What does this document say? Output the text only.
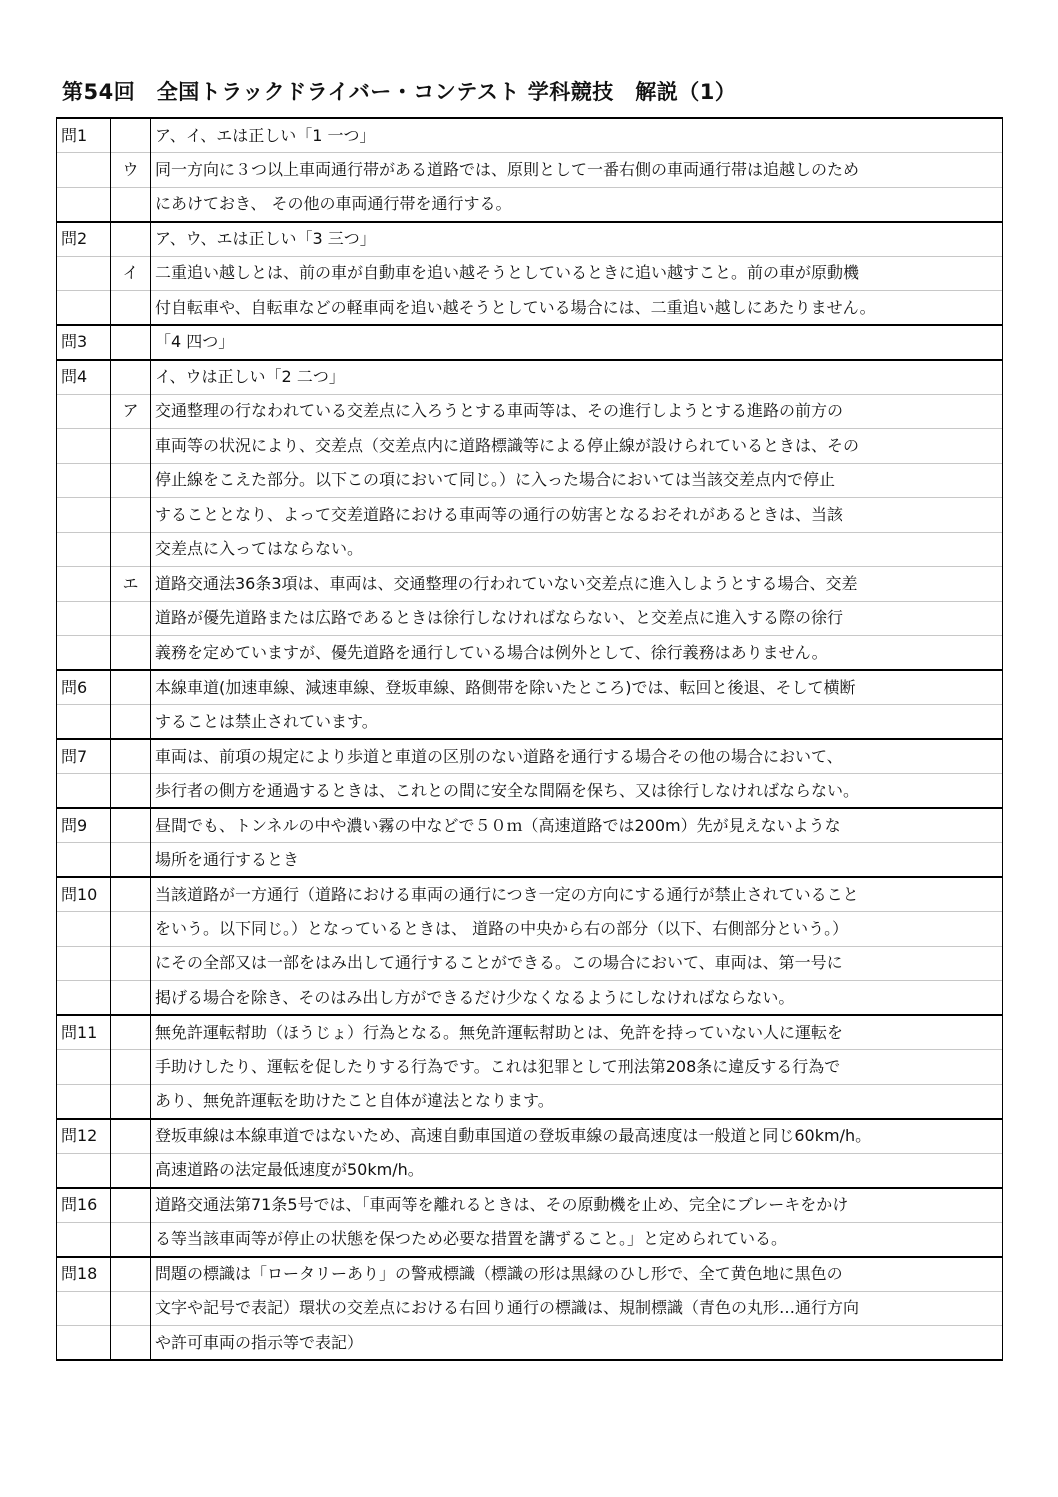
第54回　全国トラックドライバー・コンテスト 学科競技　解説（1）
問1		ア、イ、エは正しい「1 一つ」
	ウ	同一方向に３つ以上車両通行帯がある道路では、原則として一番右側の車両通行帯は追越しのため
		にあけておき、 その他の車両通行帯を通行する。
問2		ア、ウ、エは正しい「3 三つ」
	イ	二重追い越しとは、前の車が自動車を追い越そうとしているときに追い越すこと。前の車が原動機
		付自転車や、自転車などの軽車両を追い越そうとしている場合には、二重追い越しにあたりません。
問3		「4 四つ」
問4		イ、ウは正しい「2 二つ」
	ア	交通整理の行なわれている交差点に入ろうとする車両等は、その進行しようとする進路の前方の
		車両等の状況により、交差点（交差点内に道路標識等による停止線が設けられているときは、その
		停止線をこえた部分。以下この項において同じ。）に入った場合においては当該交差点内で停止
		することとなり、よって交差道路における車両等の通行の妨害となるおそれがあるときは、当該
		交差点に入ってはならない。
	エ	道路交通法36条3項は、車両は、交通整理の行われていない交差点に進入しようとする場合、交差
		道路が優先道路または広路であるときは徐行しなければならない、と交差点に進入する際の徐行
		義務を定めていますが、優先道路を通行している場合は例外として、徐行義務はありません。
問6		本線車道(加速車線、減速車線、登坂車線、路側帯を除いたところ)では、転回と後退、そして横断
		することは禁止されています。
問7		車両は、前項の規定により歩道と車道の区別のない道路を通行する場合その他の場合において、
		歩行者の側方を通過するときは、これとの間に安全な間隔を保ち、又は徐行しなければならない。
問9		昼間でも、トンネルの中や濃い霧の中などで５０ｍ（高速道路では200m）先が見えないような
		場所を通行するとき
問10		当該道路が一方通行（道路における車両の通行につき一定の方向にする通行が禁止されていること
		をいう。以下同じ。）となっているときは、 道路の中央から右の部分（以下、右側部分という。）
		にその全部又は一部をはみ出して通行することができる。この場合において、車両は、第一号に
		掲げる場合を除き、そのはみ出し方ができるだけ少なくなるようにしなければならない。
問11		無免許運転幇助（ほうじょ）行為となる。無免許運転幇助とは、免許を持っていない人に運転を
		手助けしたり、運転を促したりする行為です。これは犯罪として刑法第208条に違反する行為で
		あり、無免許運転を助けたこと自体が違法となります。
問12		登坂車線は本線車道ではないため、高速自動車国道の登坂車線の最高速度は一般道と同じ60km/h。
		高速道路の法定最低速度が50km/h。
問16		道路交通法第71条5号では、「車両等を離れるときは、その原動機を止め、完全にブレーキをかけ
		る等当該車両等が停止の状態を保つため必要な措置を講ずること。」と定められている。
問18		問題の標識は「ロータリーあり」の警戒標識（標識の形は黒縁のひし形で、全て黄色地に黒色の
		文字や記号で表記）環状の交差点における右回り通行の標識は、規制標識（青色の丸形…通行方向
		や許可車両の指示等で表記）
